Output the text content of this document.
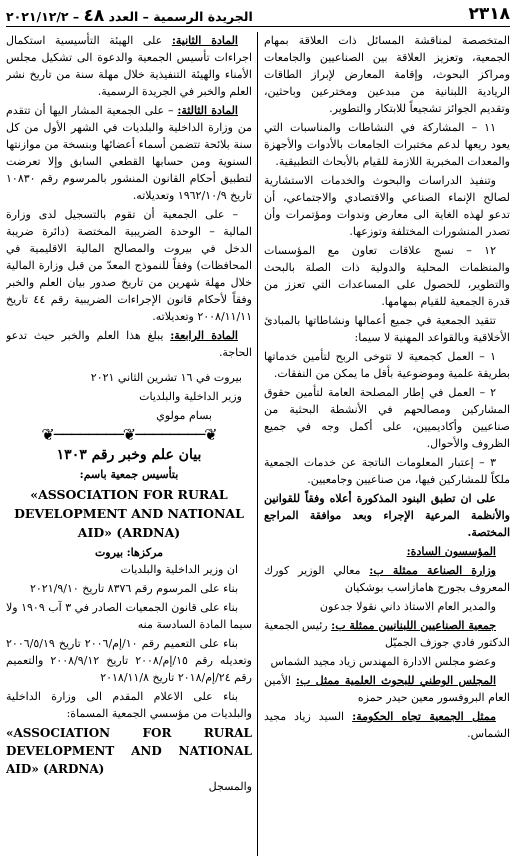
٢٣١٨
الجريدة الرسمية – العدد ٤٨ – ٢٠٢١/١٢/٢

المتخصصة لمناقشة المسائل ذات العلاقة بمهام الجمعية، وتعزيز العلاقة بين الصناعيين والجامعات ومراكز البحوث، وإقامة المعارض لإبراز الطاقات الريادية اللبنانية من مبدعين ومخترعين وباحثين، وتقديم الجوائز تشجيعاً للابتكار والتطوير.

١١ – المشاركة في النشاطات والمناسبات التي يعود ريعها لدعم مختبرات الجامعات بالأدوات والأجهزة والمعدات المخبرية اللازمة للقيام بالأبحاث التطبيقية.

وتنفيذ الدراسات والبحوث والخدمات الاستشارية لصالح الإنماء الصناعي والاقتصادي والاجتماعي، أن تدعو لهذه الغاية الى معارض وندوات ومؤتمرات وأن تصدر المنشورات المختلفة وتوزعها.

١٢ – نسج علاقات تعاون مع المؤسسات والمنظمات المحلية والدولية ذات الصلة بالبحث والتطوير، للحصول على المساعدات التي تعزز من قدرة الجمعية للقيام بمهامها.

تتقيد الجمعية في جميع أعمالها ونشاطاتها بالمبادئ الأخلاقية وبالقواعد المهنية لا سيما:

١ – العمل كجمعية لا تتوخى الربح لتأمين خدماتها بطريقة علمية وموضوعية بأقل ما يمكن من النفقات.

٢ – العمل في إطار المصلحة العامة لتأمين حقوق المشاركين ومصالحهم في الأنشطة البحثية من صناعيين وأكاديميين، على أكمل وجه في جميع الظروف والأحوال.

٣ – إعتبار المعلومات الناتجة عن خدمات الجمعية ملكاً للمشاركين فيها، من صناعيين وجامعيين.

على ان تطبق البنود المذكورة أعلاه وفقاً للقوانين والأنظمة المرعية الإجراء وبعد موافقة المراجع المختصة.

المؤسسون السادة:

وزارة الصناعة ممثلة ب: معالي الوزير كورك المعروف بجورج هامازاسب بوشكيان

والمدير العام الاستاذ داني نقولا جدعون

جمعية الصناعيين اللبنانيين ممثلة ب: رئيس الجمعية الدكتور فادي جوزف الجميّل

وعضو مجلس الادارة المهندس زياد مجيد الشماس

المجلس الوطني للبحوث العلمية ممثل ب: الأمين العام البروفسور معين حيدر حمزه

ممثل الجمعية تجاه الحكومة: السيد زياد مجيد الشماس.

المادة الثانية: على الهيئة التأسيسية استكمال اجراءات تأسيس الجمعية والدعوة الى تشكيل مجلس الأمناء والهيئة التنفيذية خلال مهلة سنة من تاريخ نشر العلم والخبر في الجريدة الرسمية.

المادة الثالثة: – على الجمعية المشار اليها أن تتقدم من وزارة الداخلية والبلديات في الشهر الأول من كل سنة بلائحة تتضمن أسماء أعضائها وبنسخة من موازنتها السنوية ومن حسابها القطعي السابق وإلا تعرضت لتطبيق أحكام القانون المنشور بالمرسوم رقم ١٠٨٣٠ تاريخ ١٩٦٢/١٠/٩ وتعديلاته.

– على الجمعية أن تقوم بالتسجيل لدى وزارة المالية – الوحدة الضريبية المختصة (دائرة ضريبة الدخل في بيروت والمصالح المالية الاقليمية في المحافظات) وفقاً للنموذج المعدّ من قبل وزارة المالية خلال مهلة شهرين من تاريخ صدور بيان العلم والخبر وفقاً لأحكام قانون الإجراءات الضريبية رقم ٤٤ تاريخ ٢٠٠٨/١١/١١ وتعديلاته.

المادة الرابعة: يبلغ هذا العلم والخبر حيث تدعو الحاجة.

بيروت في ١٦ تشرين الثاني ٢٠٢١

وزير الداخلية والبلديات

بسام مولوي

❦────────❦────────❦
بيان علم وخبر رقم ١٣٠٣
بتأسيس جمعية باسم:
«ASSOCIATION FOR RURAL DEVELOPMENT AND NATIONAL AID» (ARDNA)
مركزها: بيروت

ان وزير الداخلية والبلديات

بناء على المرسوم رقم ٨٣٧٦ تاريخ ٢٠٢١/٩/١٠

بناء على قانون الجمعيات الصادر في ٣ آب ١٩٠٩ ولا سيما المادة السادسة منه

بناء على التعميم رقم ١٠/إم/٢٠٠٦ تاريخ ٢٠٠٦/٥/١٩ وتعديله رقم ١٥/إم/٢٠٠٨ تاريخ ٢٠٠٨/٩/١٢ والتعميم رقم ٢٤/إم/٢٠١٨ تاريخ ٢٠١٨/١١/٨

بناء على الاعلام المقدم الى وزارة الداخلية والبلديات من مؤسسي الجمعية المسماة:

«ASSOCIATION FOR RURAL DEVELOPMENT AND NATIONAL AID» (ARDNA)

والمسجل
